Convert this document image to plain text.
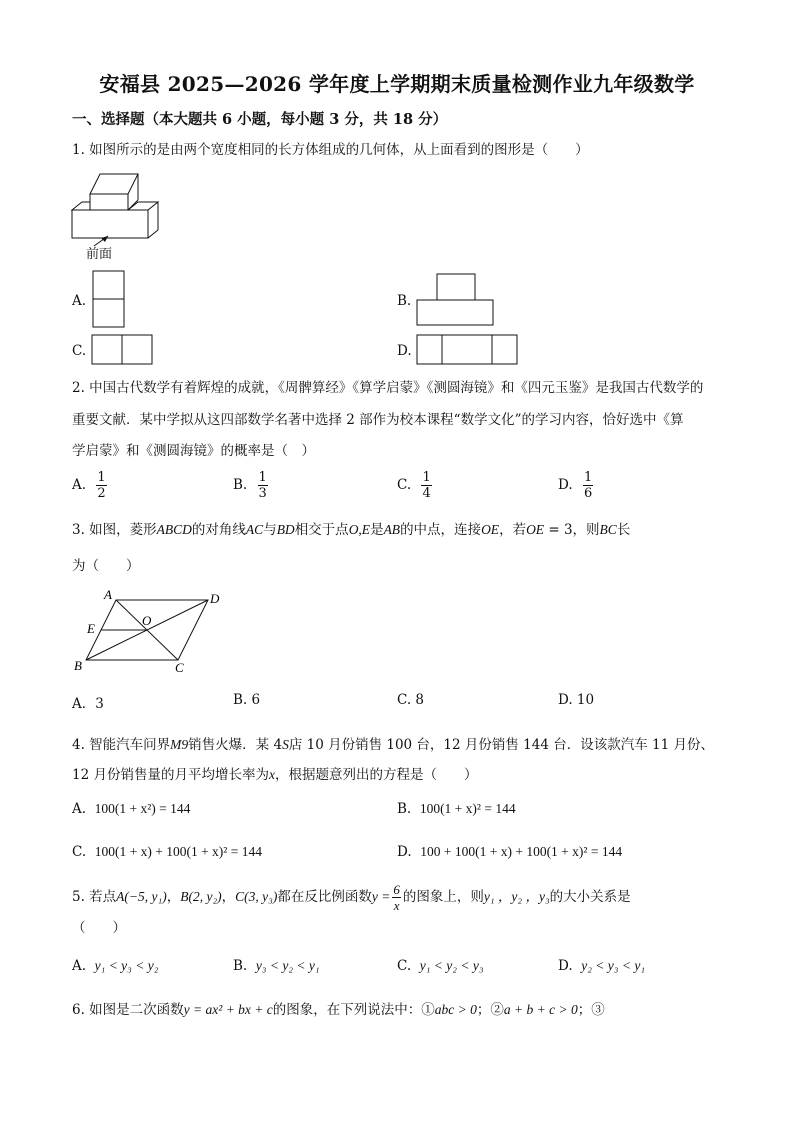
安福县 2025—2026 学年度上学期期末质量检测作业九年级数学
一、选择题（本大题共 6 小题，每小题 3 分，共 18 分）
1. 如图所示的是由两个宽度相同的长方体组成的几何体，从上面看到的图形是（　　）
前面
A.	B.
C.	D.
2. 中国古代数学有着辉煌的成就，《周髀算经》《算学启蒙》《测圆海镜》和《四元玉鉴》是我国古代数学的
重要文献．某中学拟从这四部数学名著中选择 2 部作为校本课程“数学文化”的学习内容，恰好选中《算
学启蒙》和《测圆海镜》的概率是（　）
A. $\frac{1}{2}$	B. $\frac{1}{3}$	C. $\frac{1}{4}$	D. $\frac{1}{6}$
3. 如图，菱形ABCD的对角线AC与BD相交于点O,E是AB的中点，连接OE，若OE = 3，则BC长
为（　　）
A	D
E
O
B	C
A．3	B. 6	C. 8	D. 10
4. 智能汽车问界M9销售火爆．某 4S店 10 月份销售 100 台，12 月份销售 144 台．设该款汽车 11 月份、
12 月份销售量的月平均增长率为x，根据题意列出的方程是（　　）
A. 100(1 + x²) = 144	B. 100(1 + x)² = 144
C. 100(1 + x) + 100(1 + x)² = 144	D. 100 + 100(1 + x) + 100(1 + x)² = 144
5. 若点A(−5, y₁)，B(2, y₂)，C(3, y₃)都在反比例函数$y = \frac{6}{x}$ 的图象上，则y₁ ，y₂ ，y₃的大小关系是
（　　）
A. y₁ < y₃ < y₂	B. y₃ < y₂ < y₁	C. y₁ < y₂ < y₃	D. y₂ < y₃ < y₁
6. 如图是二次函数y = ax² + bx + c的图象，在下列说法中：①abc > 0；②a + b + c > 0；③
